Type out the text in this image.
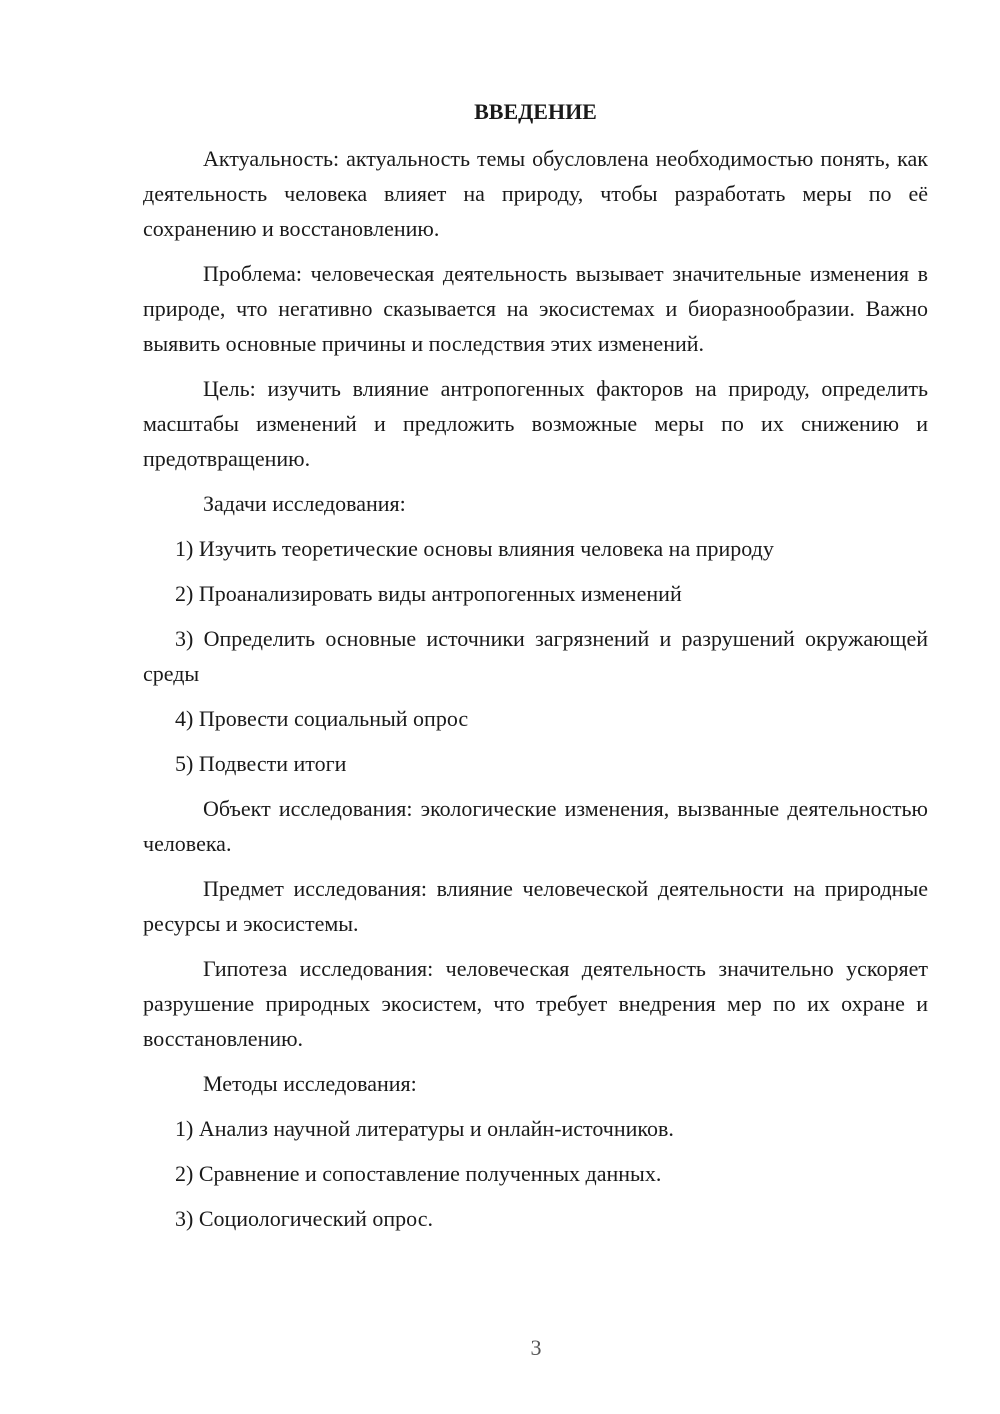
ВВЕДЕНИЕ

Актуальность: актуальность темы обусловлена необходимостью понять, как деятельность человека влияет на природу, чтобы разработать меры по её сохранению и восстановлению.

Проблема: человеческая деятельность вызывает значительные изменения в природе, что негативно сказывается на экосистемах и биоразнообразии. Важно выявить основные причины и последствия этих изменений.

Цель: изучить влияние антропогенных факторов на природу, определить масштабы изменений и предложить возможные меры по их снижению и предотвращению.

Задачи исследования:

1) Изучить теоретические основы влияния человека на природу

2) Проанализировать виды антропогенных изменений

3) Определить основные источники загрязнений и разрушений окружающей среды

4) Провести социальный опрос

5) Подвести итоги

Объект исследования: экологические изменения, вызванные деятельностью человека.

Предмет исследования: влияние человеческой деятельности на природные ресурсы и экосистемы.

Гипотеза исследования: человеческая деятельность значительно ускоряет разрушение природных экосистем, что требует внедрения мер по их охране и восстановлению.

Методы исследования:

1) Анализ научной литературы и онлайн-источников.

2) Сравнение и сопоставление полученных данных.

3) Социологический опрос.

3
